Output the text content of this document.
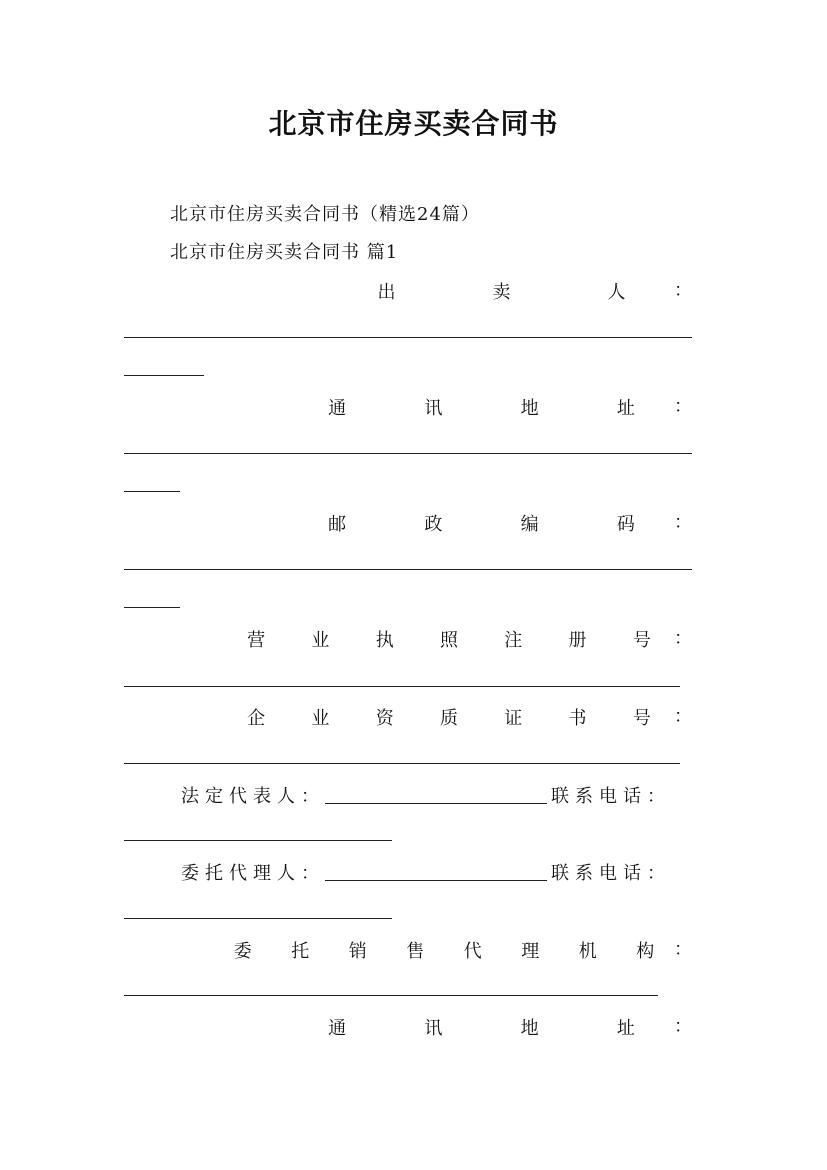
北京市住房买卖合同书
北京市住房买卖合同书（精选24篇）
北京市住房买卖合同书 篇1
出	卖	人	：
通	讯	地	址 ：
邮	政	编	码 ：
营	业	执	照	注	册	号 ：
企	业	资	质	证	书	号 ：
法定代表人：	联系电话：
委托代理人：	联系电话：
委 托 销 售 代 理 机 构 ：
通	讯	地	址 ：
